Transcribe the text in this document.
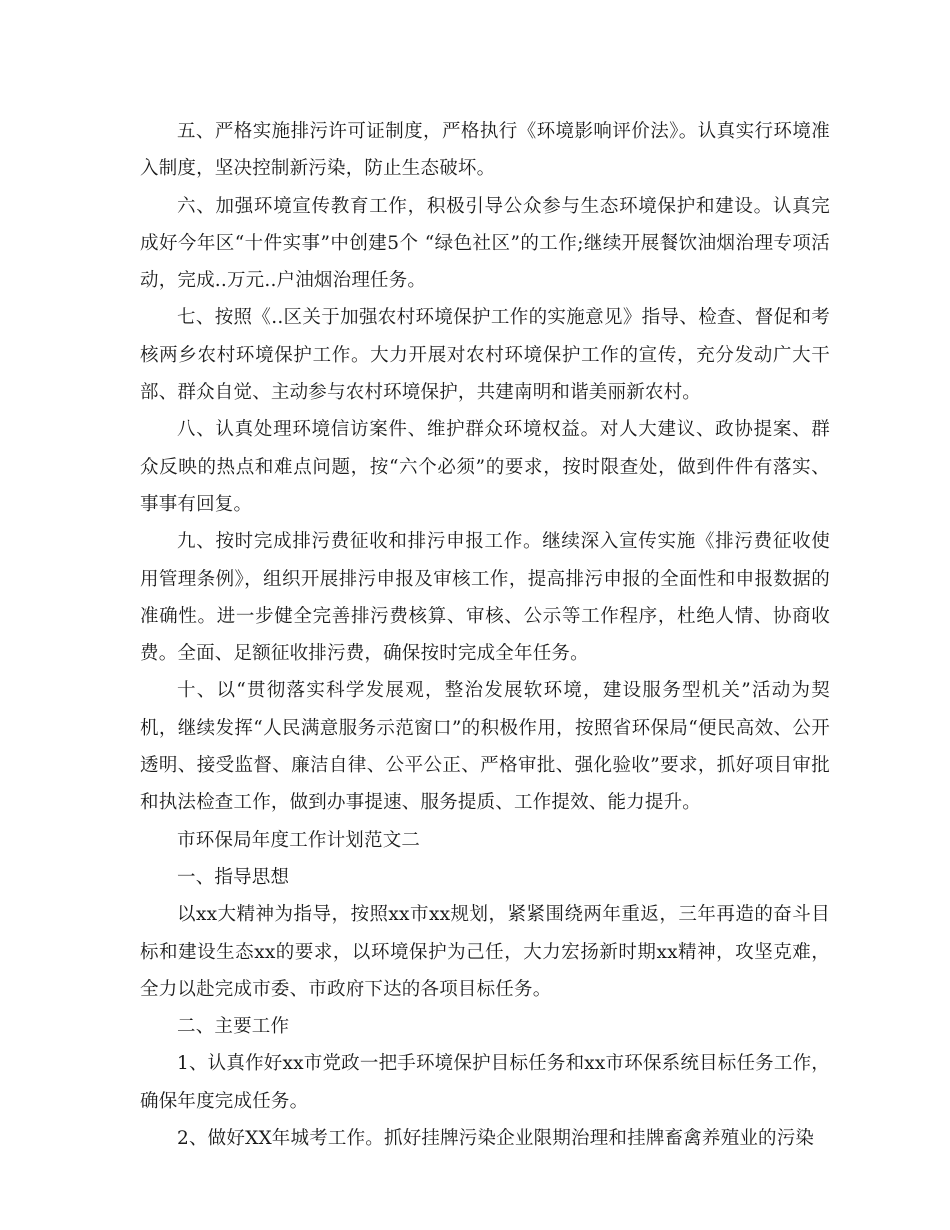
五、严格实施排污许可证制度，严格执行《环境影响评价法》。认真实行环境准入制度，坚决控制新污染，防止生态破坏。

六、加强环境宣传教育工作，积极引导公众参与生态环境保护和建设。认真完成好今年区“十件实事”中创建5个 “绿色社区”的工作;继续开展餐饮油烟治理专项活动，完成..万元..户油烟治理任务。

七、按照《..区关于加强农村环境保护工作的实施意见》指导、检查、督促和考核两乡农村环境保护工作。大力开展对农村环境保护工作的宣传，充分发动广大干部、群众自觉、主动参与农村环境保护，共建南明和谐美丽新农村。

八、认真处理环境信访案件、维护群众环境权益。对人大建议、政协提案、群众反映的热点和难点问题，按“六个必须”的要求，按时限查处，做到件件有落实、事事有回复。

九、按时完成排污费征收和排污申报工作。继续深入宣传实施《排污费征收使用管理条例》，组织开展排污申报及审核工作，提高排污申报的全面性和申报数据的准确性。进一步健全完善排污费核算、审核、公示等工作程序，杜绝人情、协商收费。全面、足额征收排污费，确保按时完成全年任务。

十、以“贯彻落实科学发展观，整治发展软环境，建设服务型机关”活动为契机，继续发挥“人民满意服务示范窗口”的积极作用，按照省环保局“便民高效、公开透明、接受监督、廉洁自律、公平公正、严格审批、强化验收”要求，抓好项目审批和执法检查工作，做到办事提速、服务提质、工作提效、能力提升。

市环保局年度工作计划范文二

一、指导思想

以xx大精神为指导，按照xx市xx规划，紧紧围绕两年重返，三年再造的奋斗目标和建设生态xx的要求，以环境保护为己任，大力宏扬新时期xx精神，攻坚克难，全力以赴完成市委、市政府下达的各项目标任务。

二、主要工作

1、认真作好xx市党政一把手环境保护目标任务和xx市环保系统目标任务工作，确保年度完成任务。

2、做好XX年城考工作。抓好挂牌污染企业限期治理和挂牌畜禽养殖业的污染
